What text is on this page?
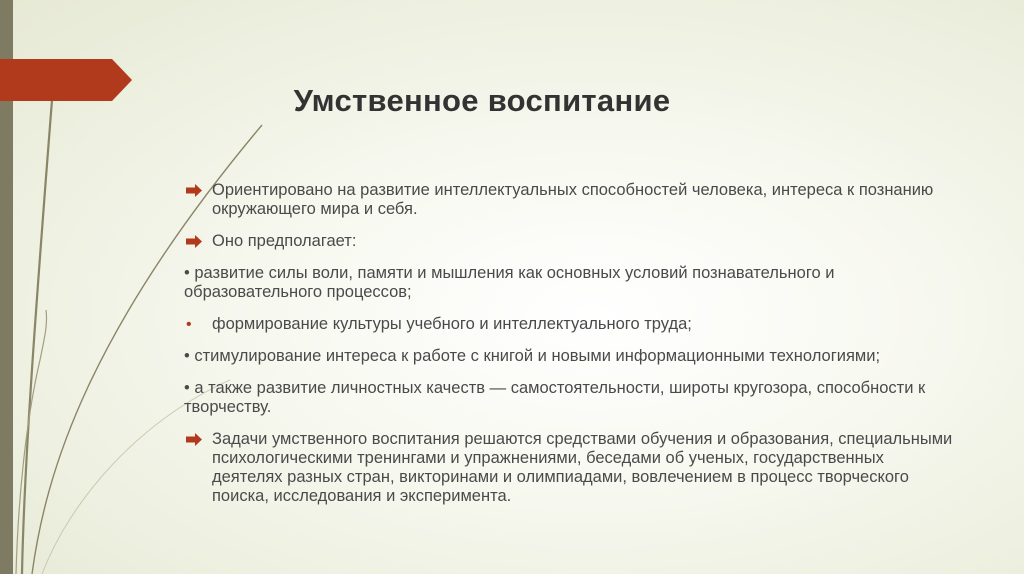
Умственное воспитание
Ориентировано на развитие интеллектуальных способностей человека, интереса к познанию окружающего мира и себя.
Оно предполагает:
• развитие силы воли, памяти и мышления как основных условий познавательного и образовательного процессов;
• формирование культуры учебного и интеллектуального труда;
• стимулирование интереса к работе с книгой и новыми информационными технологиями;
• а также развитие личностных качеств — самостоятельности, широты кругозора, способности к творчеству.
Задачи умственного воспитания решаются средствами обучения и образования, специальными психологическими тренингами и упражнениями, беседами об ученых, государственных деятелях разных стран, викторинами и олимпиадами, вовлечением в процесс творческого поиска, исследования и эксперимента.
